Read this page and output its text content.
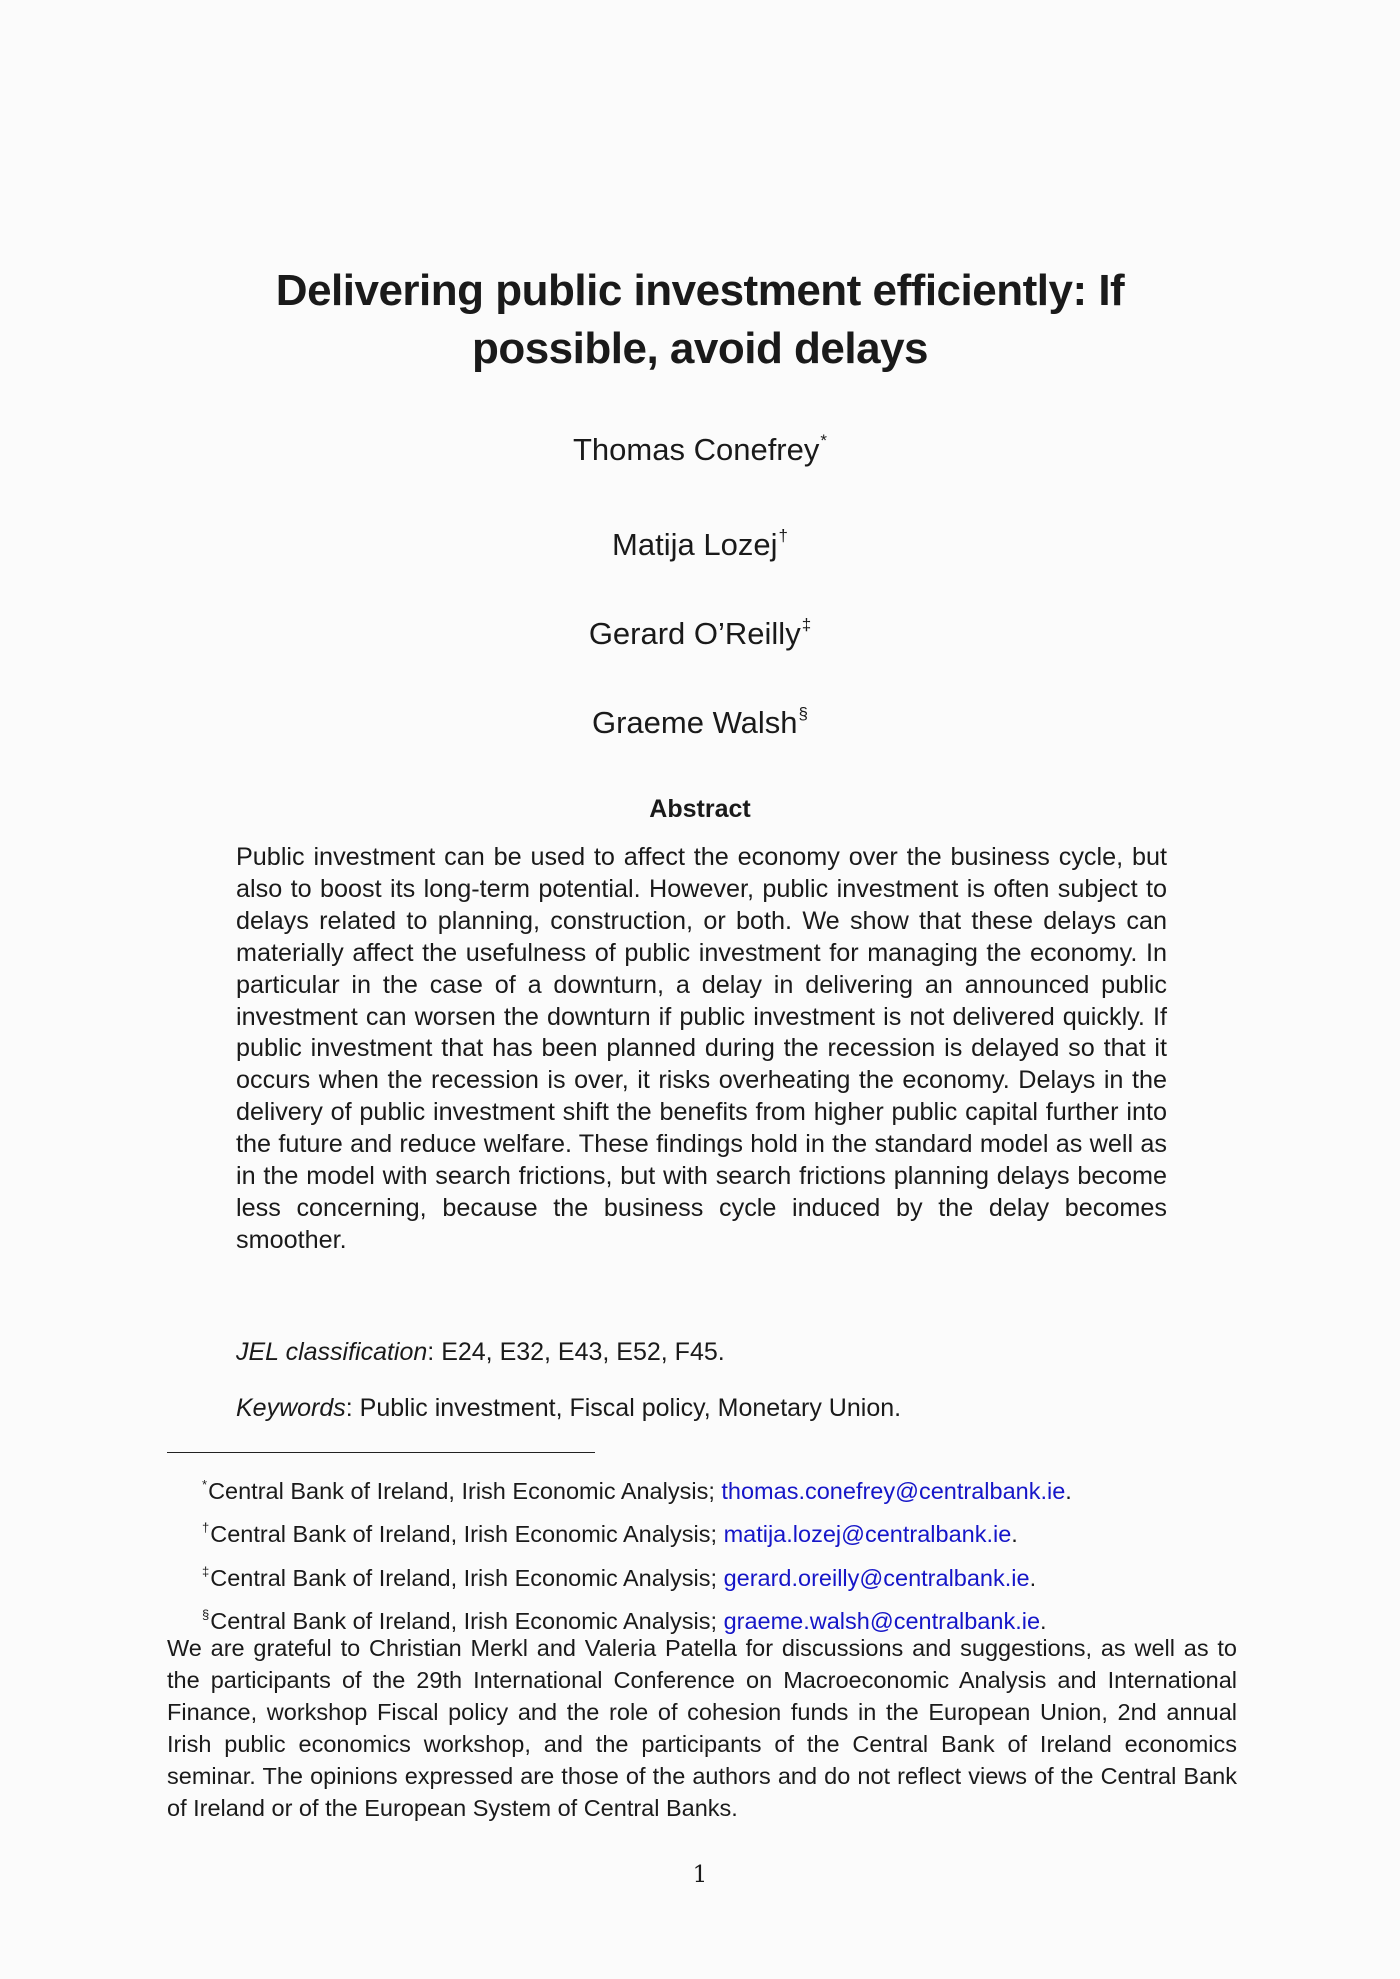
Delivering public investment efficiently: If possible, avoid delays
Thomas Conefrey*
Matija Lozej†
Gerard O’Reilly‡
Graeme Walsh§
Abstract

Public investment can be used to affect the economy over the business cycle, but also to boost its long-term potential. However, public investment is often subject to delays related to planning, construction, or both. We show that these delays can materially affect the usefulness of public investment for managing the economy. In particular in the case of a downturn, a delay in delivering an announced public investment can worsen the downturn if public investment is not delivered quickly. If public investment that has been planned during the recession is delayed so that it occurs when the recession is over, it risks overheating the economy. Delays in the delivery of public investment shift the benefits from higher public capital further into the future and reduce welfare. These findings hold in the standard model as well as in the model with search frictions, but with search frictions planning delays become less concerning, because the business cycle induced by the delay becomes smoother.

JEL classification: E24, E32, E43, E52, F45.
Keywords: Public investment, Fiscal policy, Monetary Union.
*Central Bank of Ireland, Irish Economic Analysis; thomas.conefrey@centralbank.ie.
†Central Bank of Ireland, Irish Economic Analysis; matija.lozej@centralbank.ie.
‡Central Bank of Ireland, Irish Economic Analysis; gerard.oreilly@centralbank.ie.
§Central Bank of Ireland, Irish Economic Analysis; graeme.walsh@centralbank.ie.

We are grateful to Christian Merkl and Valeria Patella for discussions and suggestions, as well as to the participants of the 29th International Conference on Macroeconomic Analysis and International Finance, workshop Fiscal policy and the role of cohesion funds in the European Union, 2nd annual Irish public economics workshop, and the participants of the Central Bank of Ireland economics seminar. The opinions expressed are those of the authors and do not reflect views of the Central Bank of Ireland or of the European System of Central Banks.

1
